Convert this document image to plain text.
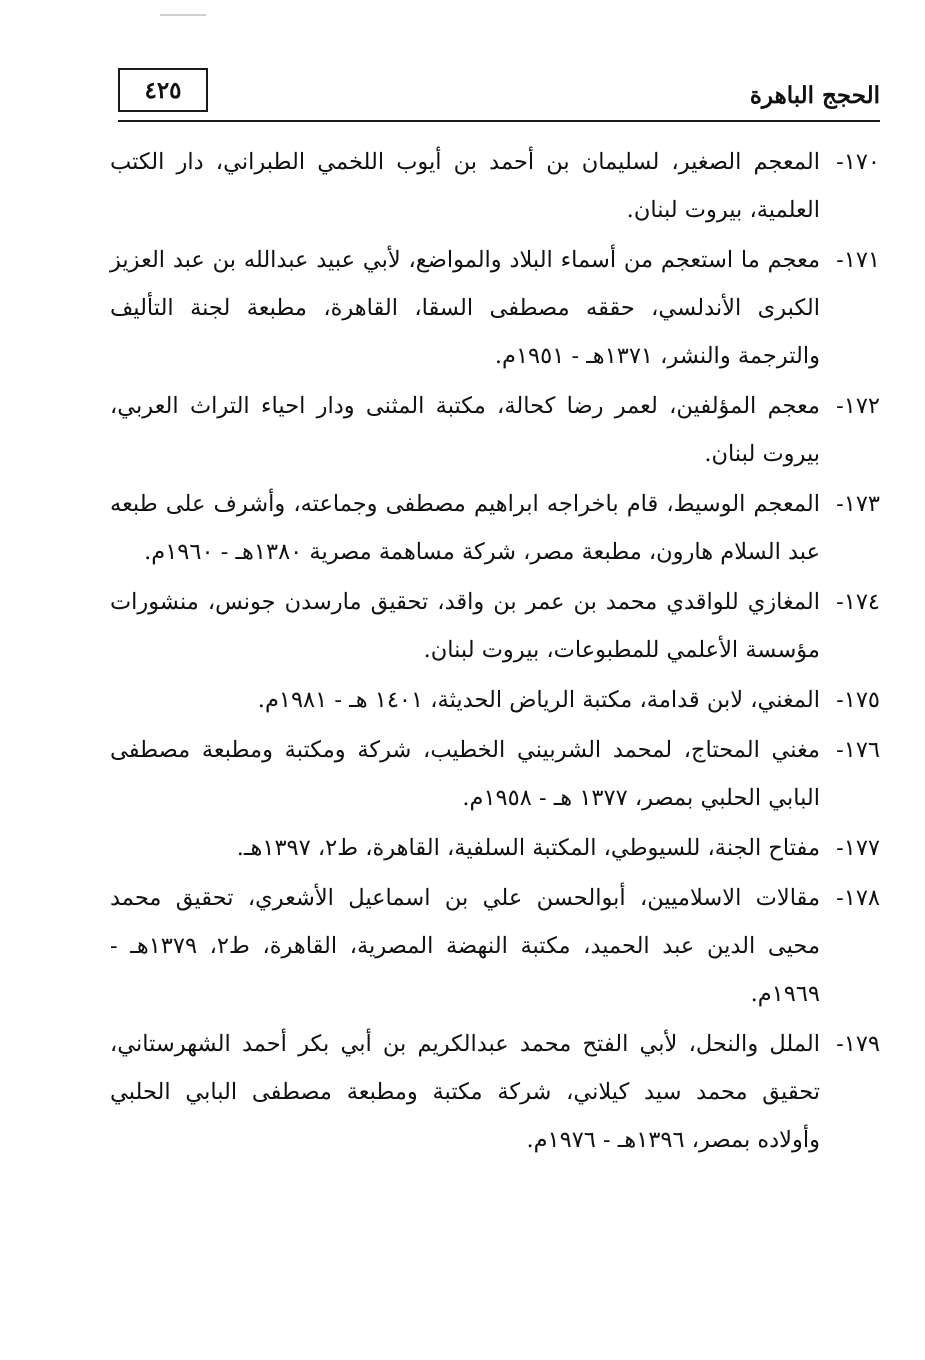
٤٢٥	الحجج الباهرة
١٧٠-
المعجم الصغير، لسليمان بن أحمد بن أيوب اللخمي الطبراني، دار الكتب العلمية، بيروت لبنان.
١٧١-
معجم ما استعجم من أسماء البلاد والمواضع، لأبي عبيد عبدالله بن عبد العزيز الكبرى الأندلسي، حققه مصطفى السقا، القاهرة، مطبعة لجنة التأليف والترجمة والنشر، ١٣٧١هـ - ١٩٥١م.
١٧٢-
معجم المؤلفين، لعمر رضا كحالة، مكتبة المثنى ودار احياء التراث العربي، بيروت لبنان.
١٧٣-
المعجم الوسيط، قام باخراجه ابراهيم مصطفى وجماعته، وأشرف على طبعه عبد السلام هارون، مطبعة مصر، شركة مساهمة مصرية ١٣٨٠هـ - ١٩٦٠م.
١٧٤-
المغازي للواقدي محمد بن عمر بن واقد، تحقيق مارسدن جونس، منشورات مؤسسة الأعلمي للمطبوعات، بيروت لبنان.
١٧٥-
المغني، لابن قدامة، مكتبة الرياض الحديثة، ١٤٠١ هـ - ١٩٨١م.
١٧٦-
مغني المحتاج، لمحمد الشربيني الخطيب، شركة ومكتبة ومطبعة مصطفى البابي الحلبي بمصر، ١٣٧٧ هـ - ١٩٥٨م.
١٧٧-
مفتاح الجنة، للسيوطي، المكتبة السلفية، القاهرة، ط٢، ١٣٩٧هـ.
١٧٨-
مقالات الاسلاميين، أبوالحسن علي بن اسماعيل الأشعري، تحقيق محمد محيى الدين عبد الحميد، مكتبة النهضة المصرية، القاهرة، ط٢، ١٣٧٩هـ - ١٩٦٩م.
١٧٩-
الملل والنحل، لأبي الفتح محمد عبدالكريم بن أبي بكر أحمد الشهرستاني، تحقيق محمد سيد كيلاني، شركة مكتبة ومطبعة مصطفى البابي الحلبي وأولاده بمصر، ١٣٩٦هـ - ١٩٧٦م.
